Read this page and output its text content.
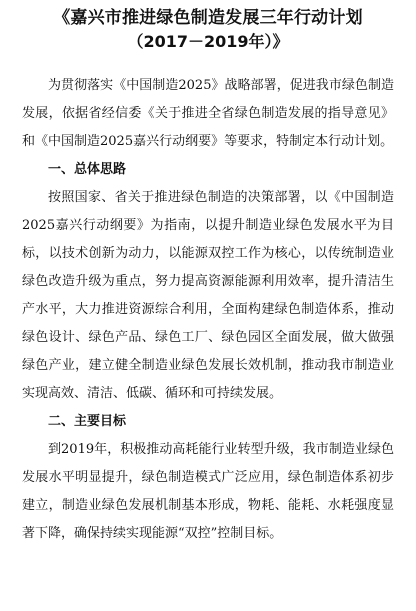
《嘉兴市推进绿色制造发展三年行动计划
（2017－2019年）》

为贯彻落实《中国制造2025》战略部署，促进我市绿色制造发展，依据省经信委《关于推进全省绿色制造发展的指导意见》和《中国制造2025嘉兴行动纲要》等要求，特制定本行动计划。

一、总体思路

按照国家、省关于推进绿色制造的决策部署，以《中国制造2025嘉兴行动纲要》为指南，以提升制造业绿色发展水平为目标，以技术创新为动力，以能源双控工作为核心，以传统制造业绿色改造升级为重点，努力提高资源能源利用效率，提升清洁生产水平，大力推进资源综合利用，全面构建绿色制造体系，推动绿色设计、绿色产品、绿色工厂、绿色园区全面发展，做大做强绿色产业，建立健全制造业绿色发展长效机制，推动我市制造业实现高效、清洁、低碳、循环和可持续发展。

二、主要目标

到2019年，积极推动高耗能行业转型升级，我市制造业绿色发展水平明显提升，绿色制造模式广泛应用，绿色制造体系初步建立，制造业绿色发展机制基本形成，物耗、能耗、水耗强度显著下降，确保持续实现能源“双控”控制目标。
